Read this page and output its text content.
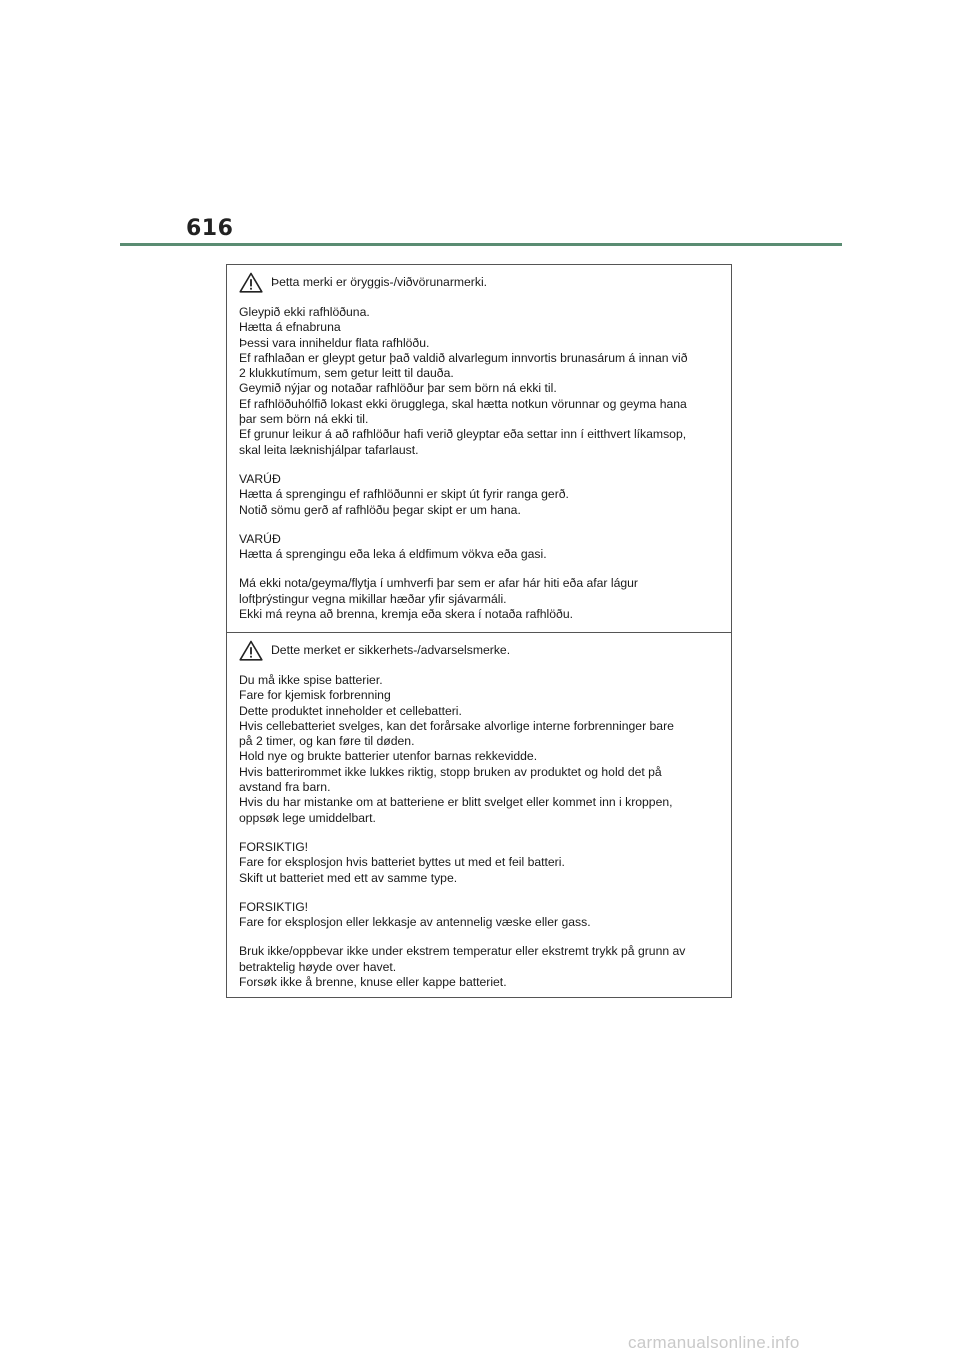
616
Þetta merki er öryggis-/viðvörunarmerki.
Gleypið ekki rafhlöðuna.
Hætta á efnabruna
Þessi vara inniheldur flata rafhlöðu.
Ef rafhlaðan er gleypt getur það valdið alvarlegum innvortis brunasárum á innan við
2 klukkutímum, sem getur leitt til dauða.
Geymið nýjar og notaðar rafhlöður þar sem börn ná ekki til.
Ef rafhlöðuhólfið lokast ekki örugglega, skal hætta notkun vörunnar og geyma hana
þar sem börn ná ekki til.
Ef grunur leikur á að rafhlöður hafi verið gleyptar eða settar inn í eitthvert líkamsop,
skal leita læknishjálpar tafarlaust.
VARÚÐ
Hætta á sprengingu ef rafhlöðunni er skipt út fyrir ranga gerð.
Notið sömu gerð af rafhlöðu þegar skipt er um hana.
VARÚÐ
Hætta á sprengingu eða leka á eldfimum vökva eða gasi.
Má ekki nota/geyma/flytja í umhverfi þar sem er afar hár hiti eða afar lágur
loftþrýstingur vegna mikillar hæðar yfir sjávarmáli.
Ekki má reyna að brenna, kremja eða skera í notaða rafhlöðu.
Dette merket er sikkerhets-/advarselsmerke.
Du må ikke spise batterier.
Fare for kjemisk forbrenning
Dette produktet inneholder et cellebatteri.
Hvis cellebatteriet svelges, kan det forårsake alvorlige interne forbrenninger bare
på 2 timer, og kan føre til døden.
Hold nye og brukte batterier utenfor barnas rekkevidde.
Hvis batterirommet ikke lukkes riktig, stopp bruken av produktet og hold det på
avstand fra barn.
Hvis du har mistanke om at batteriene er blitt svelget eller kommet inn i kroppen,
oppsøk lege umiddelbart.
FORSIKTIG!
Fare for eksplosjon hvis batteriet byttes ut med et feil batteri.
Skift ut batteriet med ett av samme type.
FORSIKTIG!
Fare for eksplosjon eller lekkasje av antennelig væske eller gass.
Bruk ikke/oppbevar ikke under ekstrem temperatur eller ekstremt trykk på grunn av
betraktelig høyde over havet.
Forsøk ikke å brenne, knuse eller kappe batteriet.
carmanualsonline.info
